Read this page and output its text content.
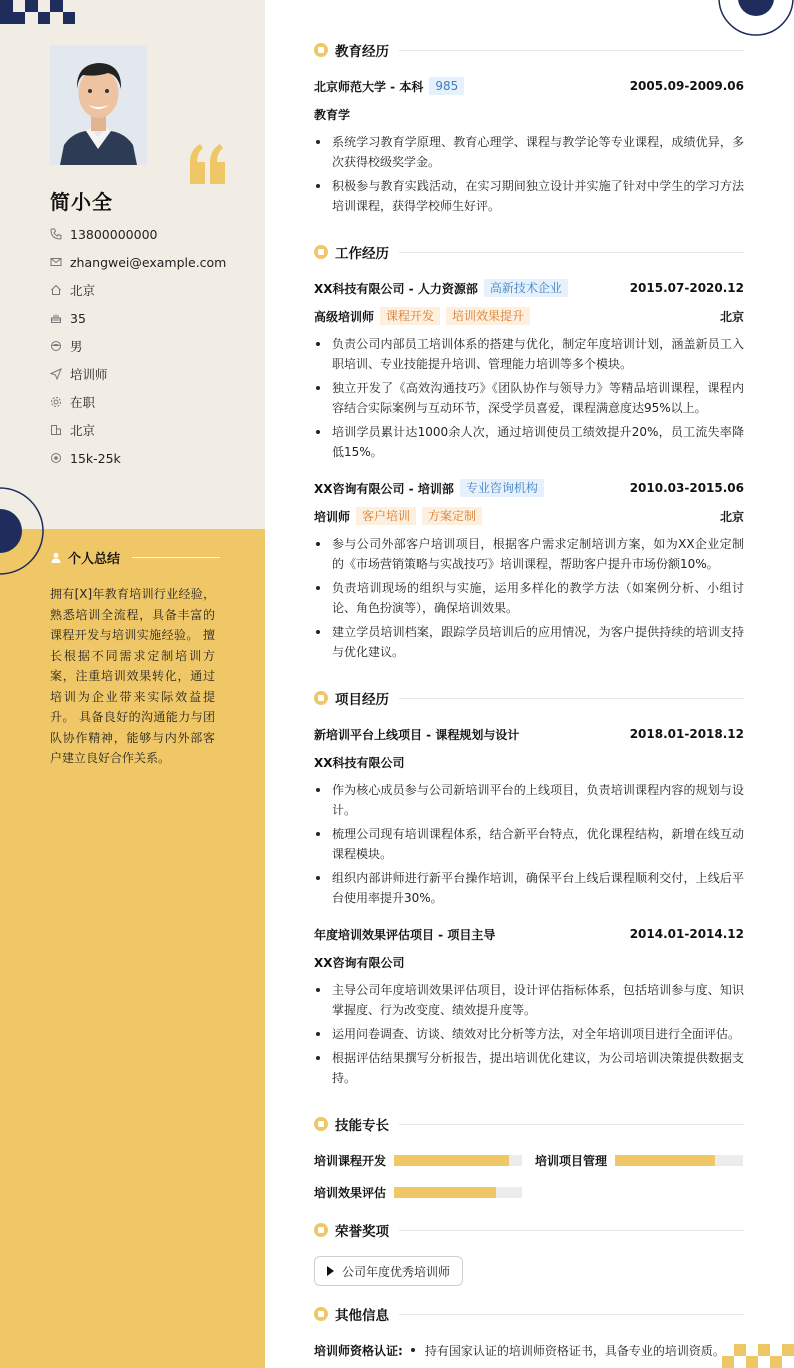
简小全
13800000000
zhangwei@example.com
北京
35
男
培训师
在职
北京
15k-25k
个人总结
拥有[X]年教育培训行业经验，熟悉培训全流程，具备丰富的课程开发与培训实施经验。 擅长根据不同需求定制培训方案，注重培训效果转化，通过培训为企业带来实际效益提升。 具备良好的沟通能力与团队协作精神，能够与内外部客户建立良好合作关系。
教育经历
北京师范大学 - 本科	985	2005.09-2009.06
教育学
系统学习教育学原理、教育心理学、课程与教学论等专业课程，成绩优异，多次获得校级奖学金。
积极参与教育实践活动，在实习期间独立设计并实施了针对中学生的学习方法培训课程，获得学校师生好评。
工作经历
XX科技有限公司 - 人力资源部	高新技术企业	2015.07-2020.12
高级培训师	课程开发	培训效果提升	北京
负责公司内部员工培训体系的搭建与优化，制定年度培训计划，涵盖新员工入职培训、专业技能提升培训、管理能力培训等多个模块。
独立开发了《高效沟通技巧》《团队协作与领导力》等精品培训课程，课程内容结合实际案例与互动环节，深受学员喜爱，课程满意度达95%以上。
培训学员累计达1000余人次，通过培训使员工绩效提升20%，员工流失率降低15%。
XX咨询有限公司 - 培训部	专业咨询机构	2010.03-2015.06
培训师	客户培训	方案定制	北京
参与公司外部客户培训项目，根据客户需求定制培训方案，如为XX企业定制的《市场营销策略与实战技巧》培训课程，帮助客户提升市场份额10%。
负责培训现场的组织与实施，运用多样化的教学方法（如案例分析、小组讨论、角色扮演等），确保培训效果。
建立学员培训档案，跟踪学员培训后的应用情况，为客户提供持续的培训支持与优化建议。
项目经历
新培训平台上线项目 - 课程规划与设计	2018.01-2018.12
XX科技有限公司
作为核心成员参与公司新培训平台的上线项目，负责培训课程内容的规划与设计。
梳理公司现有培训课程体系，结合新平台特点，优化课程结构，新增在线互动课程模块。
组织内部讲师进行新平台操作培训，确保平台上线后课程顺利交付，上线后平台使用率提升30%。
年度培训效果评估项目 - 项目主导	2014.01-2014.12
XX咨询有限公司
主导公司年度培训效果评估项目，设计评估指标体系，包括培训参与度、知识掌握度、行为改变度、绩效提升度等。
运用问卷调查、访谈、绩效对比分析等方法，对全年培训项目进行全面评估。
根据评估结果撰写分析报告，提出培训优化建议，为公司培训决策提供数据支持。
技能专长
培训课程开发	培训项目管理
培训效果评估
荣誉奖项
公司年度优秀培训师
其他信息
培训师资格认证: 持有国家认证的培训师资格证书，具备专业的培训资质。
